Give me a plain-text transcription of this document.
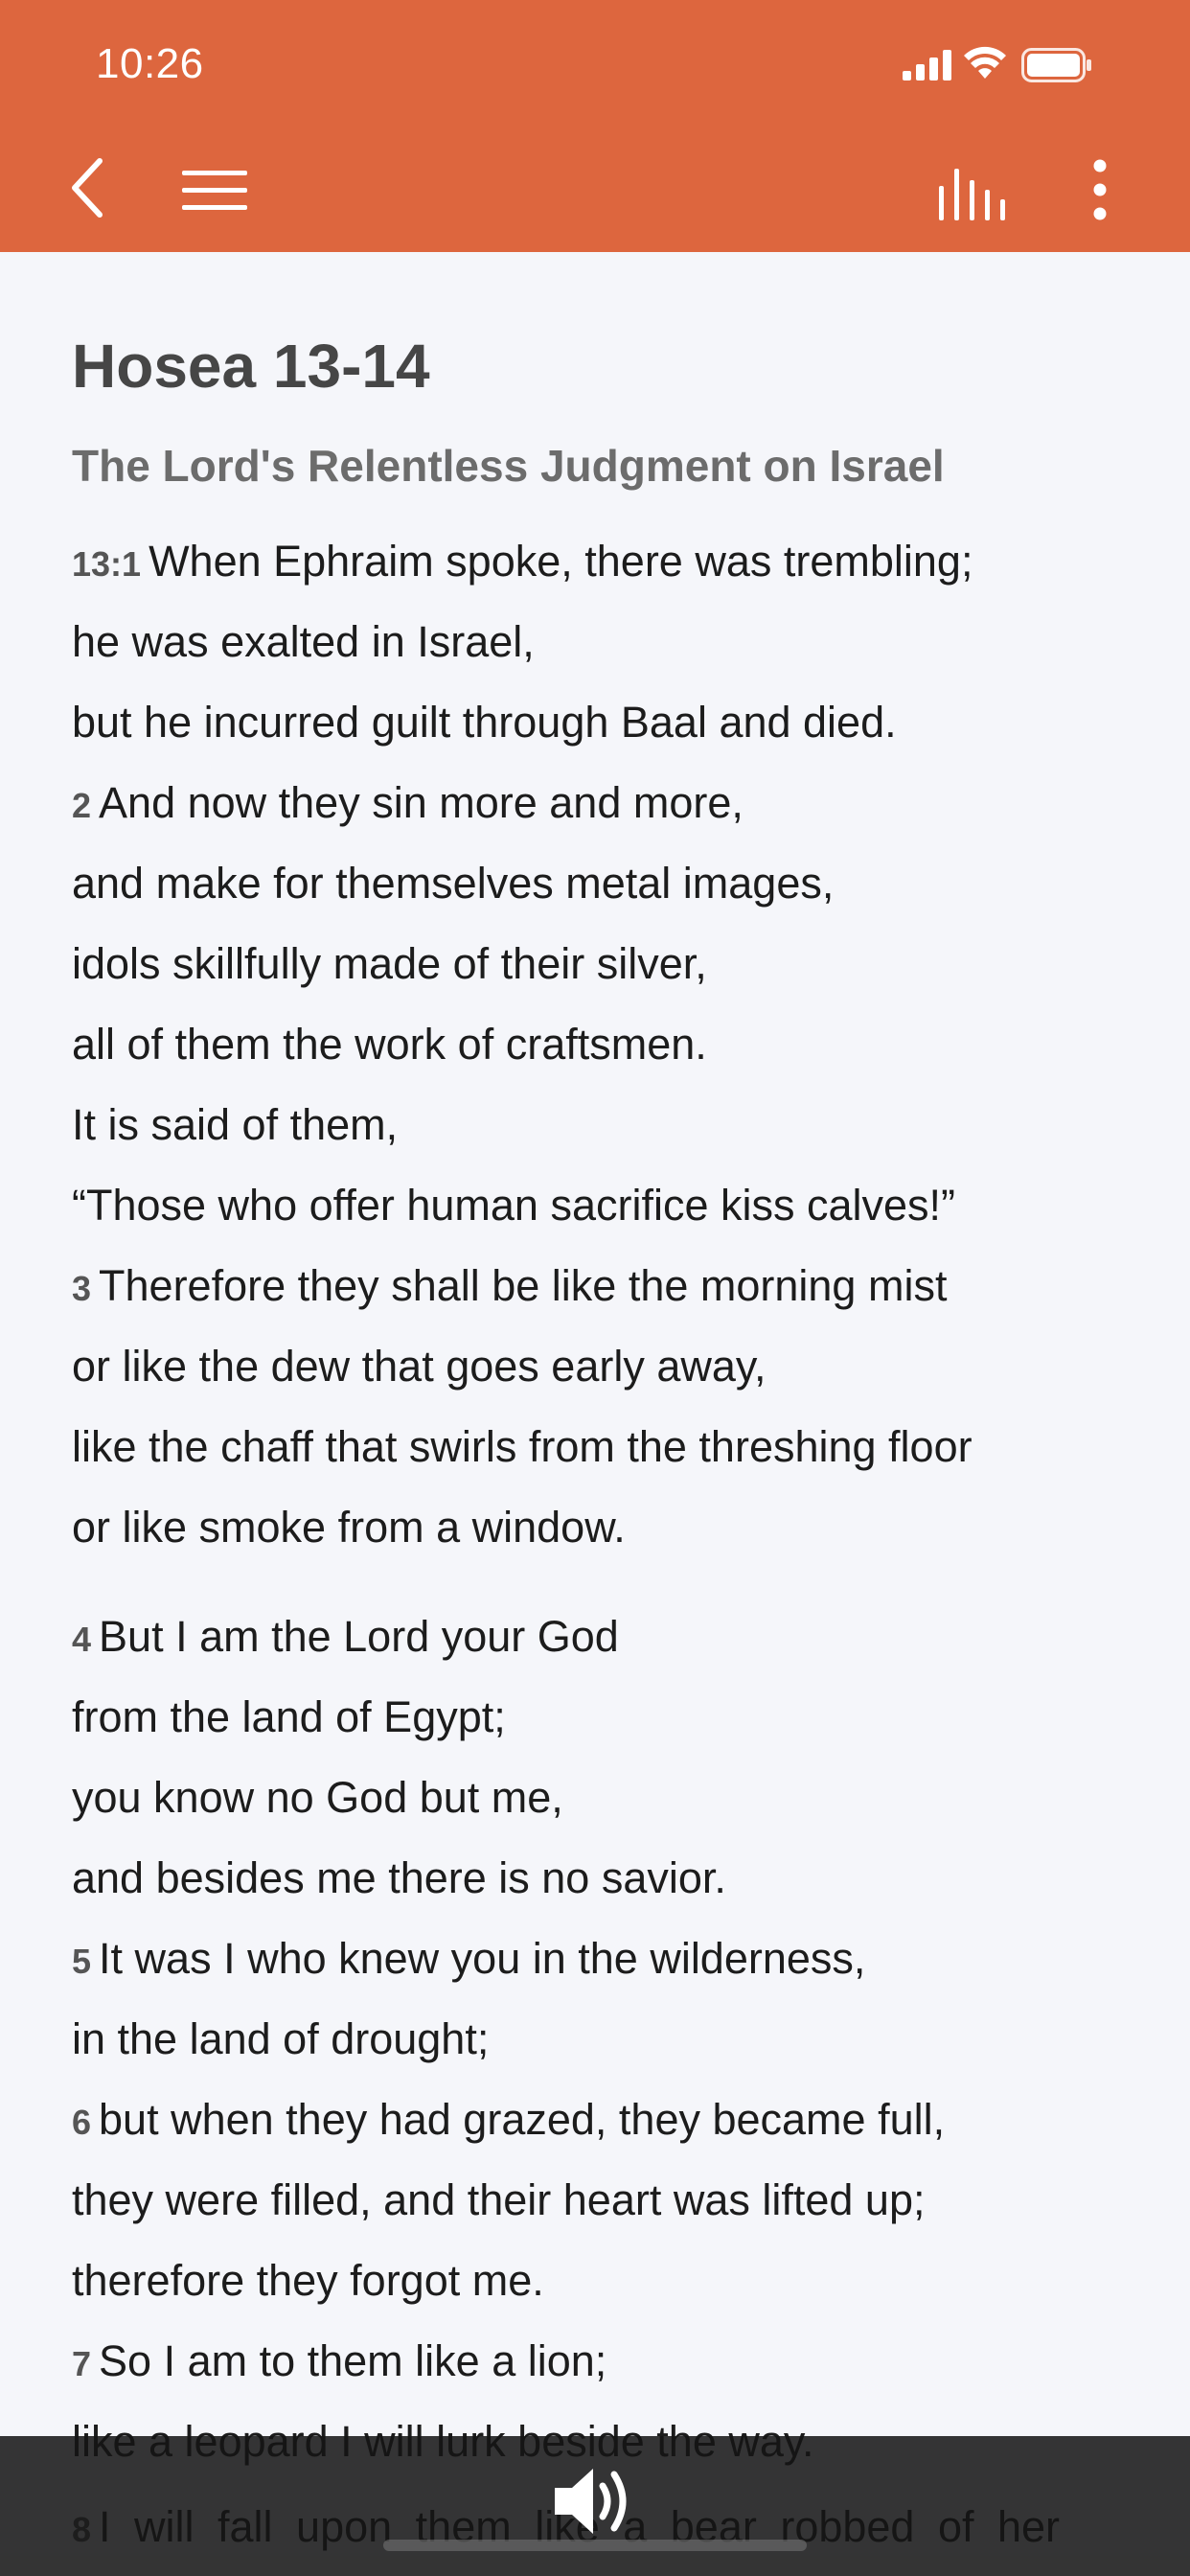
10:26
Hosea 13-14
The Lord's Relentless Judgment on Israel
13:1 When Ephraim spoke, there was trembling;
he was exalted in Israel,
but he incurred guilt through Baal and died.
2 And now they sin more and more,
and make for themselves metal images,
idols skillfully made of their silver,
all of them the work of craftsmen.
It is said of them,
“Those who offer human sacrifice kiss calves!”
3 Therefore they shall be like the morning mist
or like the dew that goes early away,
like the chaff that swirls from the threshing floor
or like smoke from a window.
4 But I am the Lord your God
from the land of Egypt;
you know no God but me,
and besides me there is no savior.
5 It was I who knew you in the wilderness,
in the land of drought;
6 but when they had grazed, they became full,
they were filled, and their heart was lifted up;
therefore they forgot me.
7 So I am to them like a lion;
